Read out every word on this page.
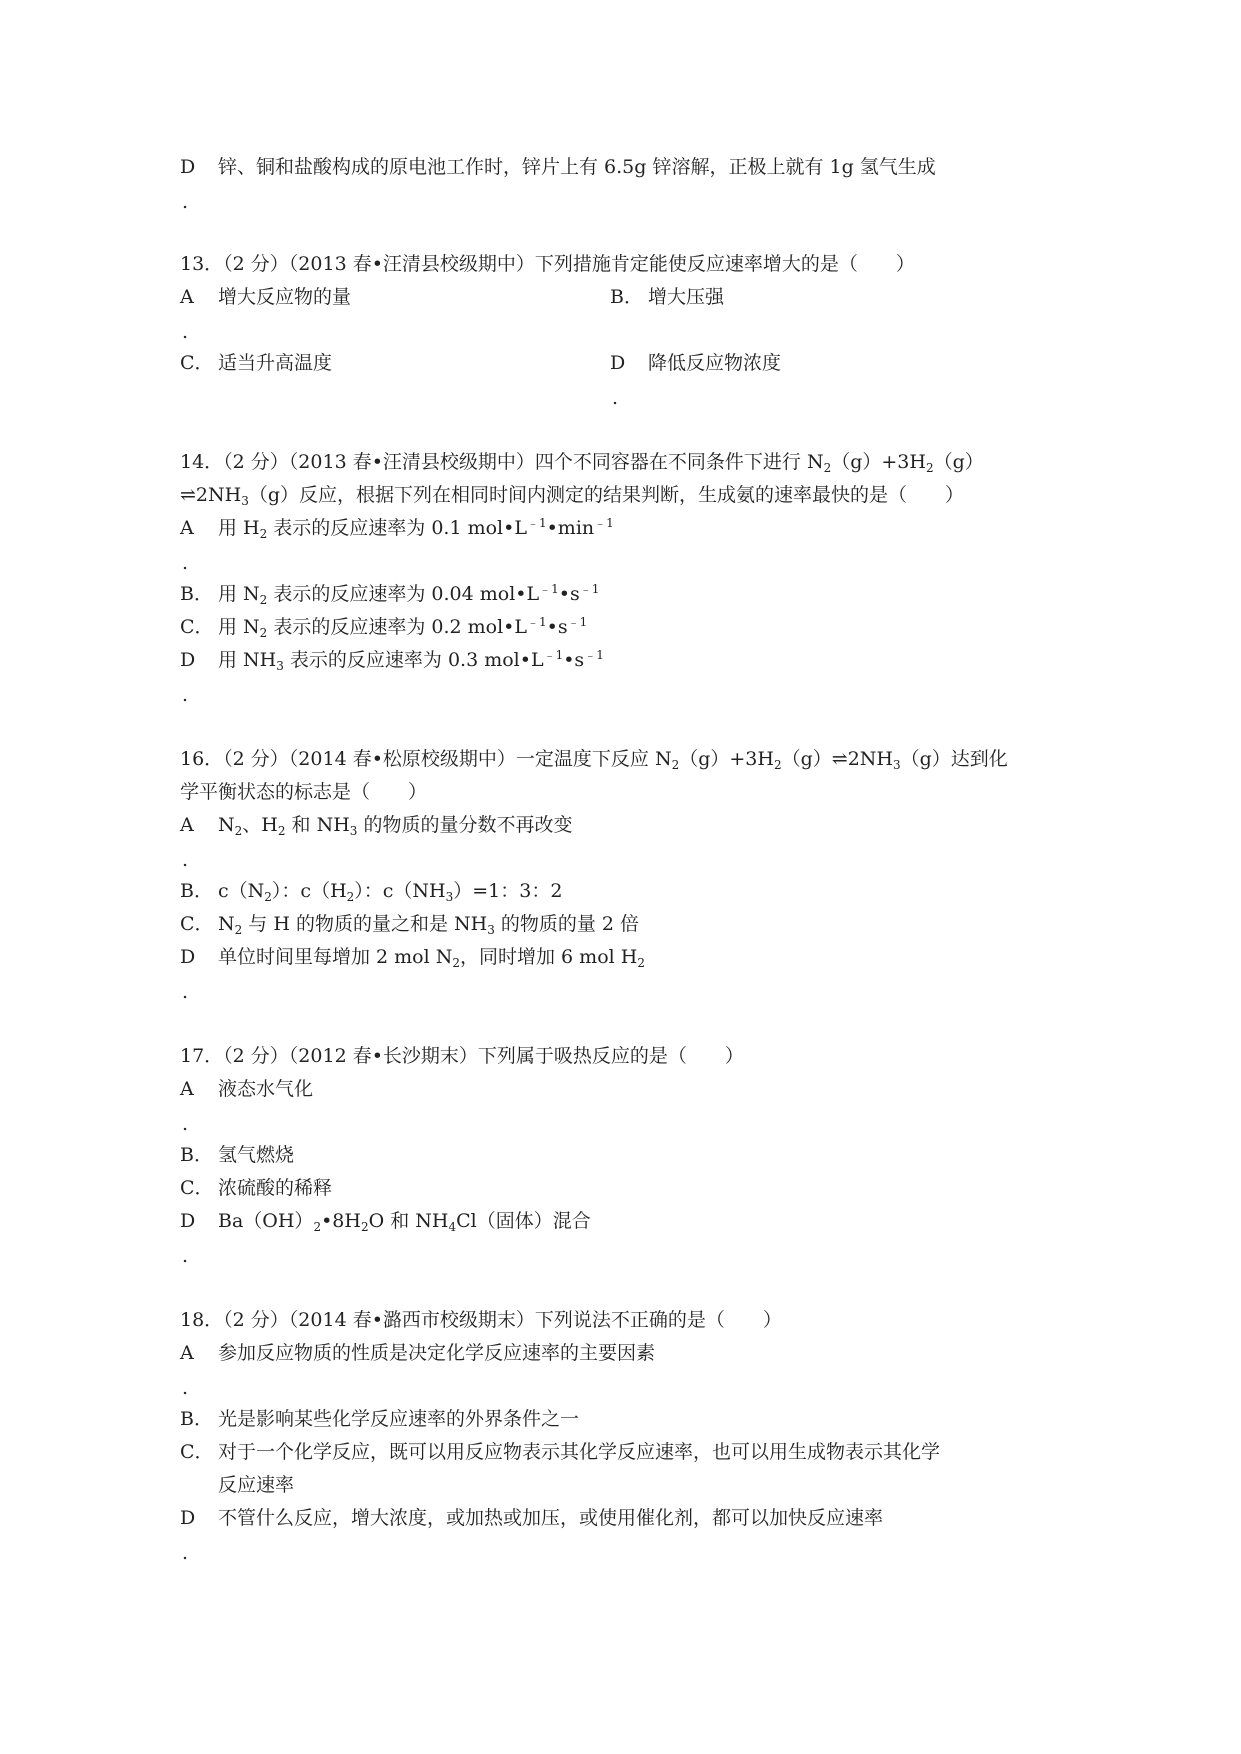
D 锌、铜和盐酸构成的原电池工作时，锌片上有 6.5g 锌溶解，正极上就有 1g 氢气生成
.
13．（2 分）（2013 春•汪清县校级期中）下列措施肯定能使反应速率增大的是（　　）
A 增大反应物的量	B． 增大压强
.
C． 适当升高温度	D 降低反应物浓度
.
14．（2 分）（2013 春•汪清县校级期中）四个不同容器在不同条件下进行 $N_2(g)+3H_2(g)$
$\rightleftharpoons 2NH_3(g)$反应，根据下列在相同时间内测定的结果判断，生成氨的速率最快的是（　　）
A 用 $H_2$ 表示的反应速率为 0.1 $mol•L^{﹣1}•\min^{﹣1}$
.
B． 用 $N_2$ 表示的反应速率为 0.04 $mol•L^{﹣1}•s^{﹣1}$
C． 用 $N_2$ 表示的反应速率为 0.2 $mol•L^{﹣1}•s^{﹣1}$
D 用 $NH_3$ 表示的反应速率为 0.3 $mol•L^{﹣1}•s^{﹣1}$
.
16．（2 分）（2014 春•松原校级期中）一定温度下反应 $N_2(g)+3H_2(g)\rightleftharpoons 2NH_3(g)$达到化
学平衡状态的标志是（　　）
A $N_2$、$H_2$ 和 $NH_3$ 的物质的量分数不再改变
.
B． $c(N_2)$：$c(H_2)$：$c(NH_3)=1$：3：2
C． $N_2$ 与 H 的物质的量之和是 $NH_3$ 的物质的量 2 倍
D 单位时间里每增加 2 mol $N_2$，同时增加 6 mol $H_2$
.
17．（2 分）（2012 春•长沙期末）下列属于吸热反应的是（　　）
A 液态水气化
.
B． 氢气燃烧
C． 浓硫酸的稀释
D $Ba(OH)_2•8H_2O$ 和 $NH_4Cl$（固体）混合
.
18．（2 分）（2014 春•潞西市校级期末）下列说法不正确的是（　　）
A 参加反应物质的性质是决定化学反应速率的主要因素
.
B． 光是影响某些化学反应速率的外界条件之一
C． 对于一个化学反应，既可以用反应物表示其化学反应速率，也可以用生成物表示其化学
反应速率
D 不管什么反应，增大浓度，或加热或加压，或使用催化剂，都可以加快反应速率
.
